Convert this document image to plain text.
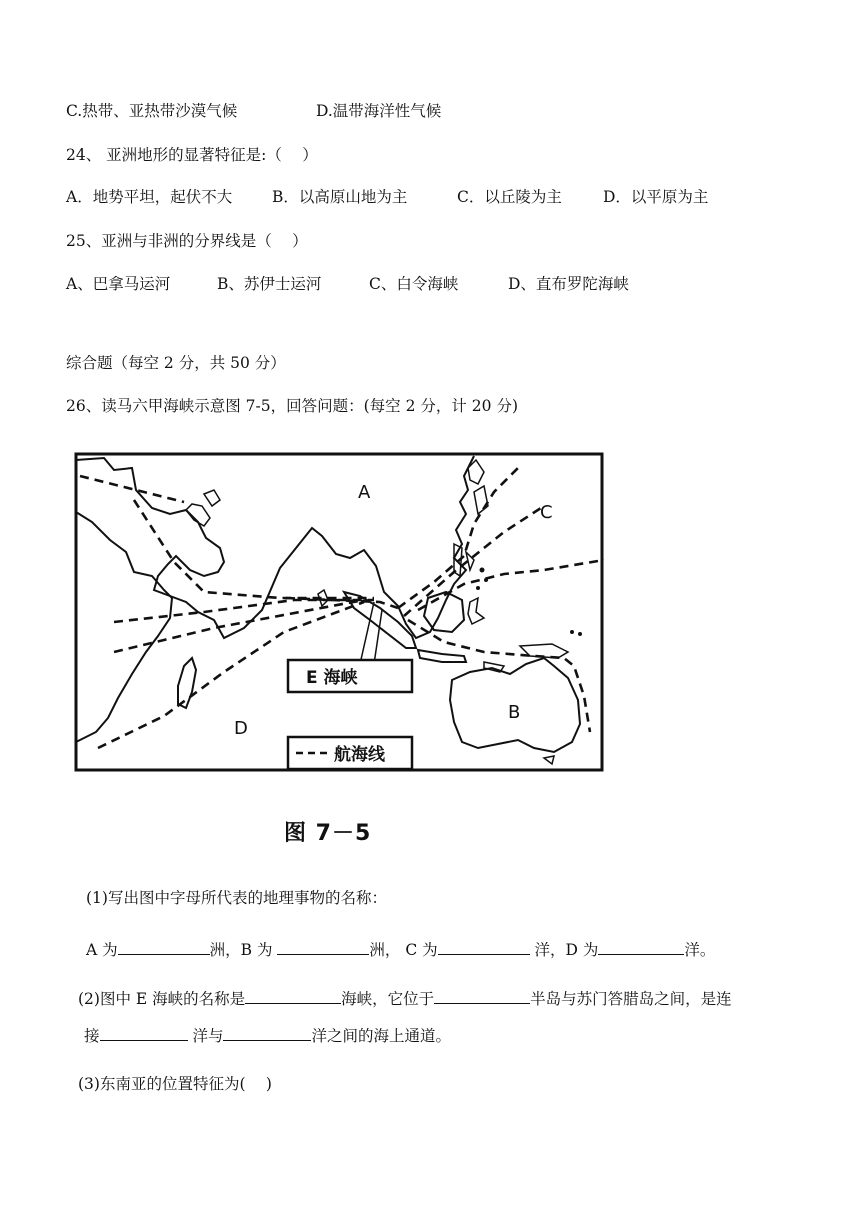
C.热带、亚热带沙漠气候	D.温带海洋性气候
24、 亚洲地形的显著特征是:（　 ）
A．地势平坦，起伏不大	B．以高原山地为主	C．以丘陵为主	D．以平原为主
25、亚洲与非洲的分界线是（　 ）
A、巴拿马运河	B、苏伊士运河	C、白令海峡	D、直布罗陀海峡
综合题（每空 2 分，共 50 分）
26、读马六甲海峡示意图 7-5，回答问题：(每空 2 分，计 20 分)
A
C
B
D
E 海峡
航海线
图 7－5
(1)写出图中字母所代表的地理事物的名称：
A 为	洲，B 为	洲， C 为	洋，D 为	洋。
(2)图中 E 海峡的名称是	海峡，它位于	半岛与苏门答腊岛之间，是连
接	洋与	洋之间的海上通道。
(3)东南亚的位置特征为(　 )
